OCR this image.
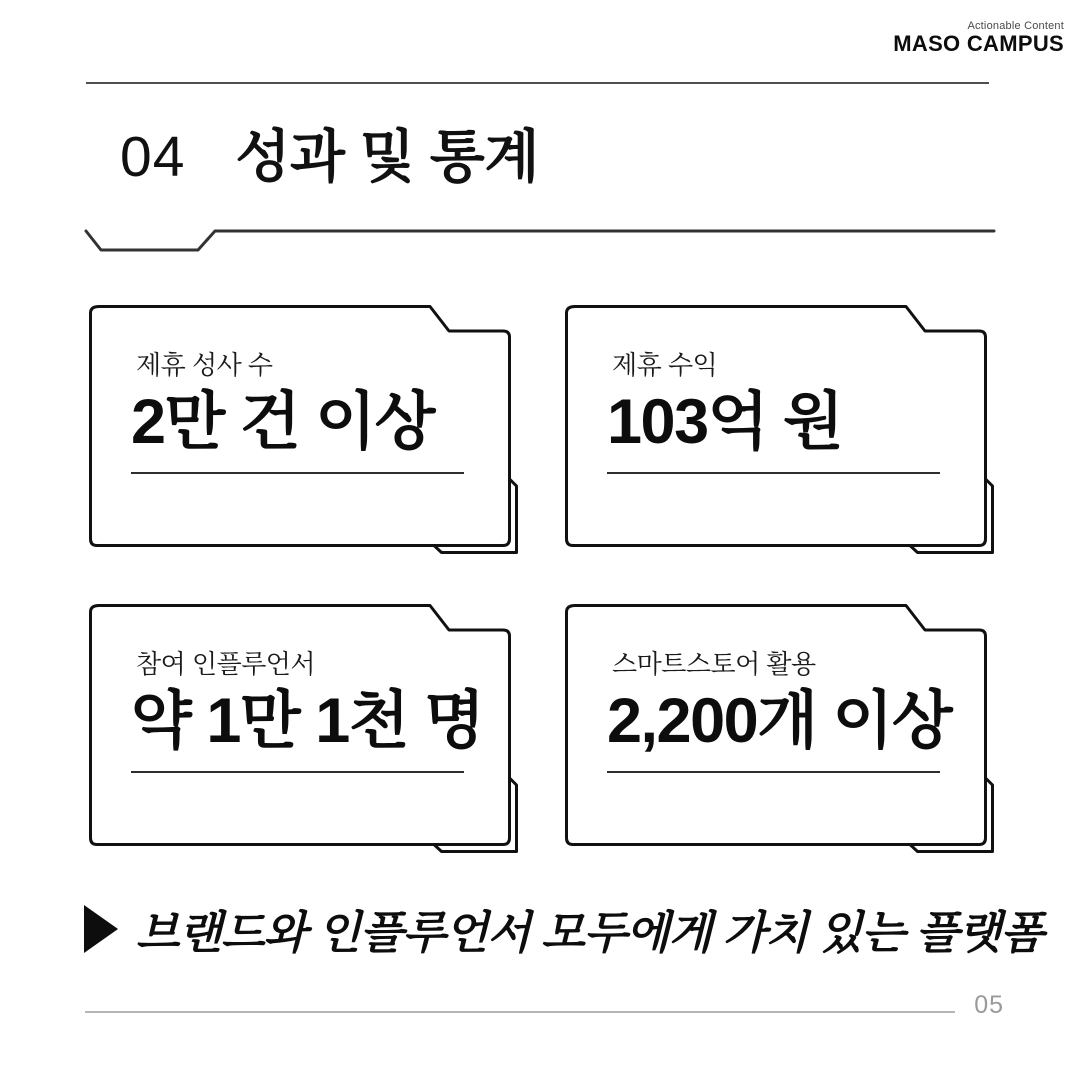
Actionable Content
MASO CAMPUS
04 성과 및 통계
제휴 성사 수
2만 건 이상
제휴 수익
103억 원
참여 인플루언서
약 1만 1천 명
스마트스토어 활용
2,200개 이상
브랜드와 인플루언서 모두에게 가치 있는 플랫폼
05
